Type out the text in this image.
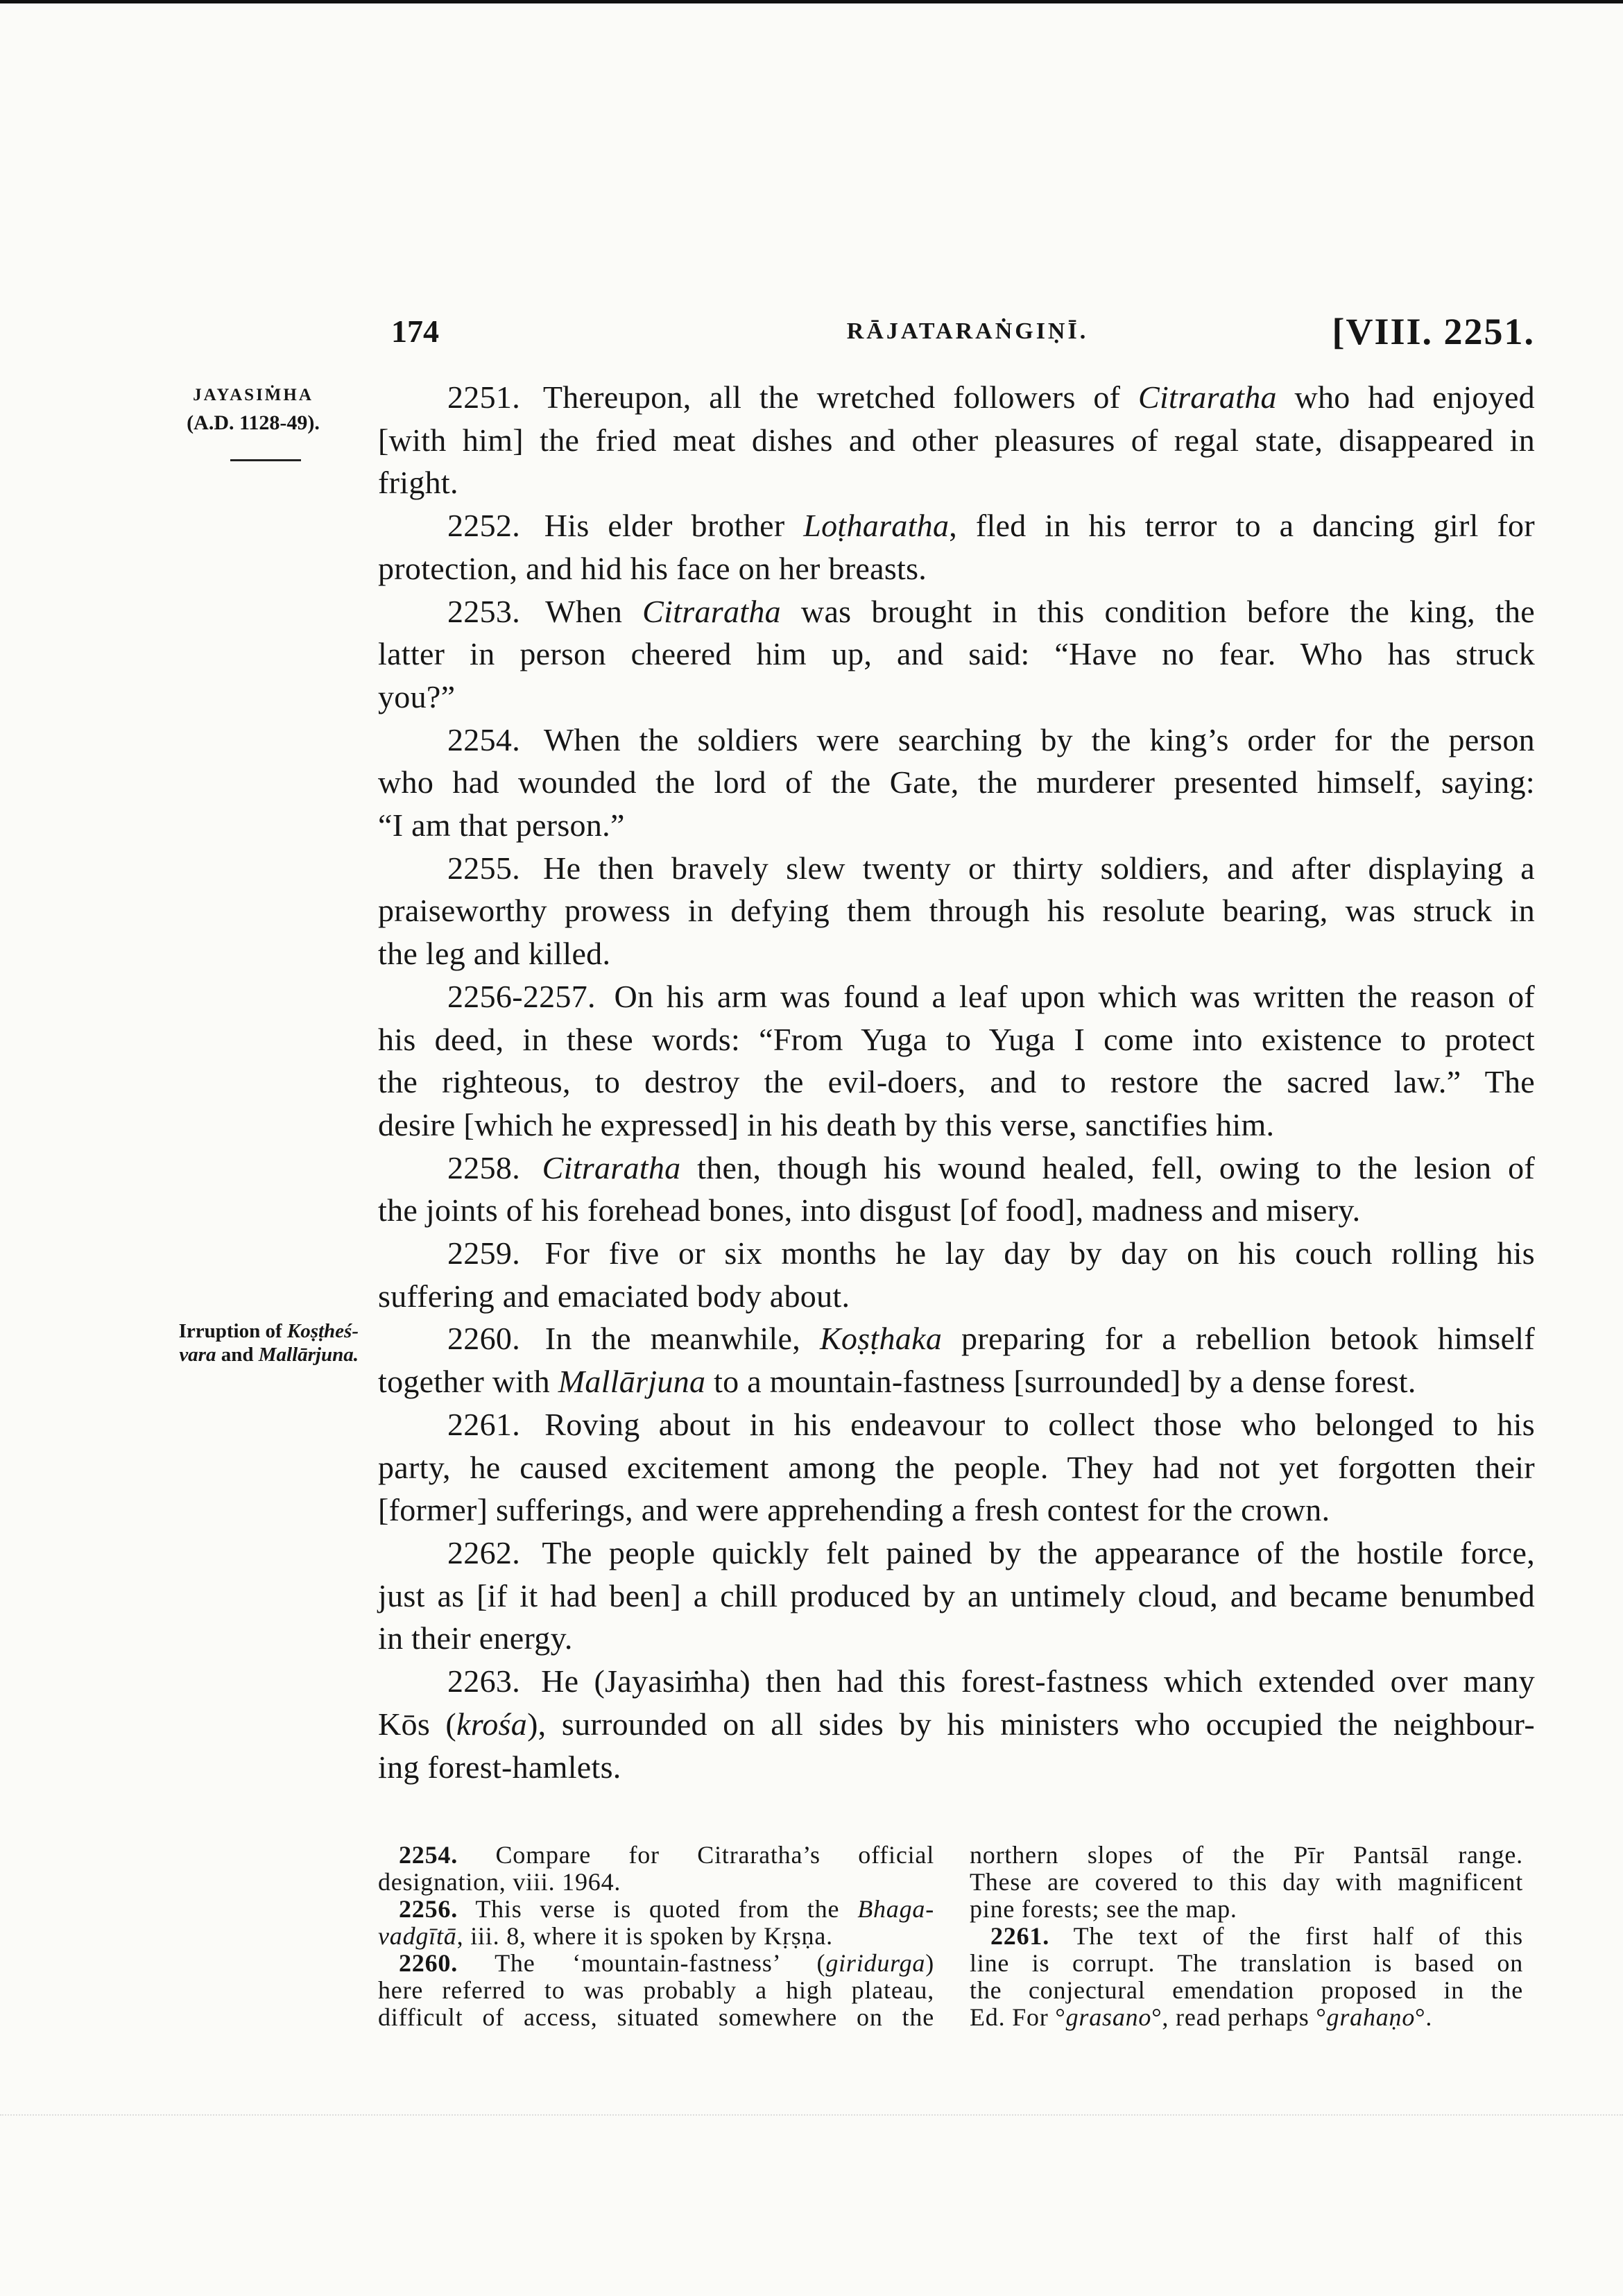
174	RĀJATARAṄGIṆĪ.	[VIII. 2251.
JAYASIṀHA
(A.D. 1128-49).
Irruption of Koṣṭheś-
vara and Mallārjuna.
2251. Thereupon, all the wretched followers of Citraratha who had enjoyed
[with him] the fried meat dishes and other pleasures of regal state, disappeared in
fright.
2252. His elder brother Loṭharatha, fled in his terror to a dancing girl for
protection, and hid his face on her breasts.
2253. When Citraratha was brought in this condition before the king, the
latter in person cheered him up, and said: “Have no fear. Who has struck
you?”
2254. When the soldiers were searching by the king’s order for the person
who had wounded the lord of the Gate, the murderer presented himself, saying:
“I am that person.”
2255. He then bravely slew twenty or thirty soldiers, and after displaying a
praiseworthy prowess in defying them through his resolute bearing, was struck in
the leg and killed.
2256-2257. On his arm was found a leaf upon which was written the reason of
his deed, in these words: “From Yuga to Yuga I come into existence to protect
the righteous, to destroy the evil-doers, and to restore the sacred law.” The
desire [which he expressed] in his death by this verse, sanctifies him.
2258. Citraratha then, though his wound healed, fell, owing to the lesion of
the joints of his forehead bones, into disgust [of food], madness and misery.
2259. For five or six months he lay day by day on his couch rolling his
suffering and emaciated body about.
2260. In the meanwhile, Koṣṭhaka preparing for a rebellion betook himself
together with Mallārjuna to a mountain-fastness [surrounded] by a dense forest.
2261. Roving about in his endeavour to collect those who belonged to his
party, he caused excitement among the people. They had not yet forgotten their
[former] sufferings, and were apprehending a fresh contest for the crown.
2262. The people quickly felt pained by the appearance of the hostile force,
just as [if it had been] a chill produced by an untimely cloud, and became benumbed
in their energy.
2263. He (Jayasiṁha) then had this forest-fastness which extended over many
Kōs (krośa), surrounded on all sides by his ministers who occupied the neighbour-
ing forest-hamlets.
2254. Compare for Citraratha’s official
designation, viii. 1964.
2256. This verse is quoted from the Bhaga-
vadgītā, iii. 8, where it is spoken by Kṛṣṇa.
2260. The ‘mountain-fastness’ (giridurga)
here referred to was probably a high plateau,
difficult of access, situated somewhere on the
northern slopes of the Pīr Pantsāl range.
These are covered to this day with magnificent
pine forests; see the map.
2261. The text of the first half of this
line is corrupt. The translation is based on
the conjectural emendation proposed in the
Ed. For °grasano°, read perhaps °grahaṇo°.
